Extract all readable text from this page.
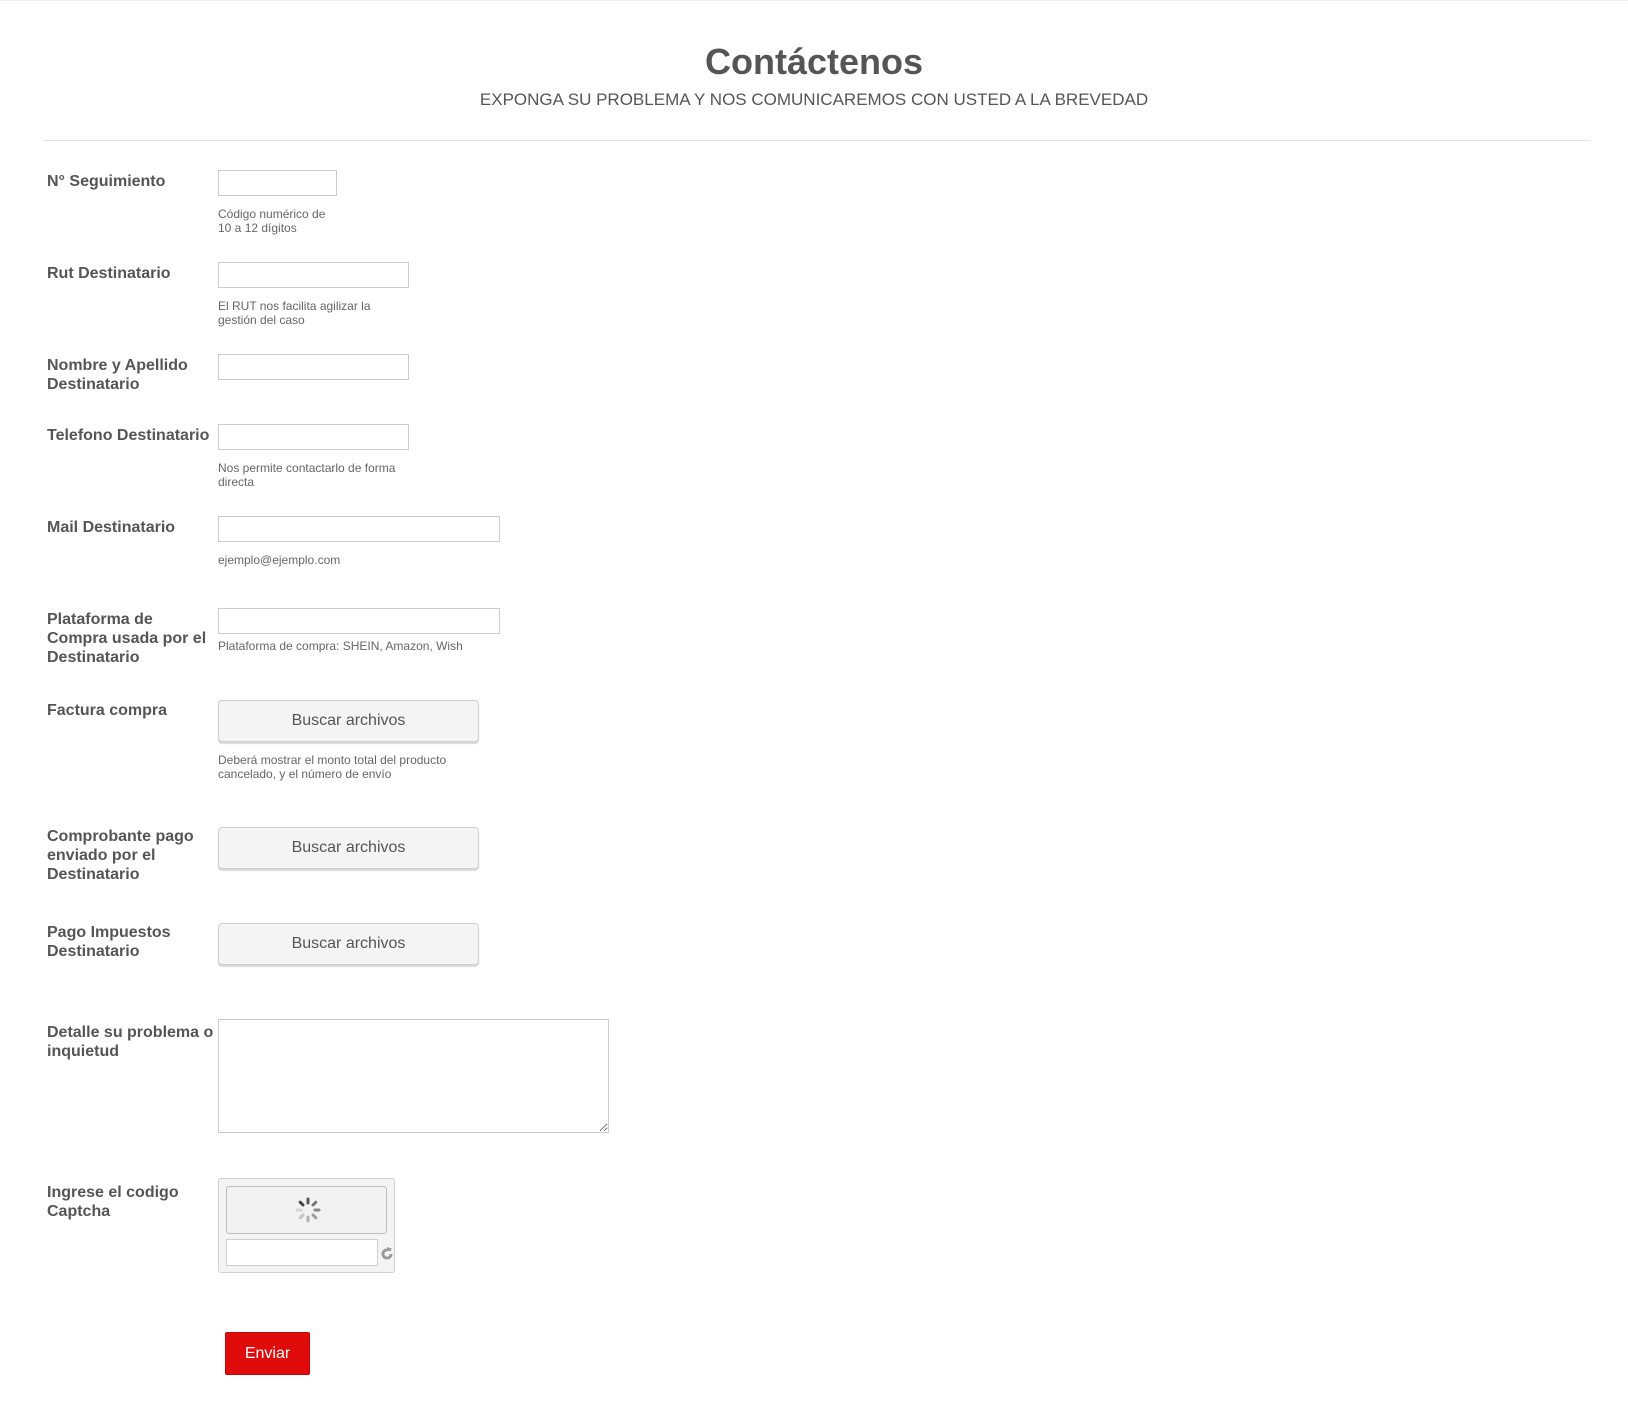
Contáctenos
EXPONGA SU PROBLEMA Y NOS COMUNICAREMOS CON USTED A LA BREVEDAD
N° Seguimiento
Código numérico de 10 a 12 dígitos
Rut Destinatario
El RUT nos facilita agilizar la gestión del caso
Nombre y Apellido Destinatario
Telefono Destinatario
Nos permite contactarlo de forma directa
Mail Destinatario
ejemplo@ejemplo.com
Plataforma de Compra usada por el Destinatario
Plataforma de compra: SHEIN, Amazon, Wish
Factura compra
Buscar archivos
Deberá mostrar el monto total del producto cancelado, y el número de envío
Comprobante pago enviado por el Destinatario
Buscar archivos
Pago Impuestos Destinatario	Buscar archivos
Detalle su problema o inquietud
Ingrese el codigo Captcha
Enviar
